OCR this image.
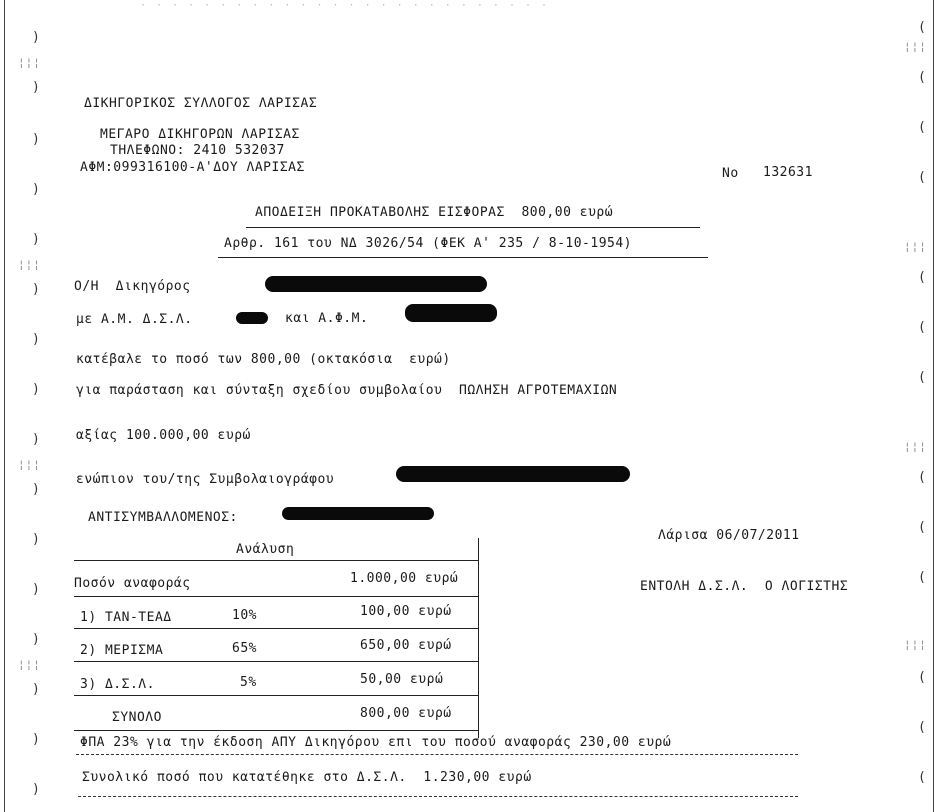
· · · · · · · · · · · · · · · · · · · · · · · · · ·
)
¦¦¦
)
)
)
)
¦¦¦
)
)
)
)
¦¦¦
)
)
)
)
¦¦¦
)
)
)
(
¦¦¦
(
(
(
¦¦¦
(
(
(
¦¦¦
(
(
(
¦¦¦
(
(
(
ΔΙΚΗΓΟΡΙΚΟΣ ΣΥΛΛΟΓΟΣ ΛΑΡΙΣΑΣ
ΜΕΓΑΡΟ ΔΙΚΗΓΟΡΩΝ ΛΑΡΙΣΑΣ
ΤΗΛΕΦΩΝΟ: 2410 532037
ΑΦΜ:099316100-Α'ΔΟΥ ΛΑΡΙΣΑΣ	Νο 132631
ΑΠΟΔΕΙΞΗ ΠΡΟΚΑΤΑΒΟΛΗΣ ΕΙΣΦΟΡΑΣ  800,00 ευρώ
Αρθρ. 161 του ΝΔ 3026/54 (ΦΕΚ Α' 235 / 8-10-1954)
Ο/Η  Δικηγόρος
με Α.Μ. Δ.Σ.Λ.	και Α.Φ.Μ.
κατέβαλε το ποσό των 800,00 (οκτακόσια  ευρώ)
για παράσταση και σύνταξη σχεδίου συμβολαίου  ΠΩΛΗΣΗ ΑΓΡΟΤΕΜΑΧΙΩΝ
αξίας 100.000,00 ευρώ
ενώπιον του/της Συμβολαιογράφου
ΑΝΤΙΣΥΜΒΑΛΛΟΜΕΝΟΣ:
Ανάλυση
Ποσόν αναφοράς	1.000,00 ευρώ
1) ΤΑΝ-ΤΕΑΔ	10%	100,00 ευρώ
2) ΜΕΡΙΣΜΑ	65%	650,00 ευρώ
3) Δ.Σ.Λ.	5%	50,00 ευρώ
ΣΥΝΟΛΟ	800,00 ευρώ
Λάρισα 06/07/2011
ΕΝΤΟΛΗ Δ.Σ.Λ.  Ο ΛΟΓΙΣΤΗΣ
ΦΠΑ 23% για την έκδοση ΑΠΥ Δικηγόρου επι του ποσού αναφοράς 230,00 ευρώ
Συνολικό ποσό που κατατέθηκε στο Δ.Σ.Λ.  1.230,00 ευρώ
